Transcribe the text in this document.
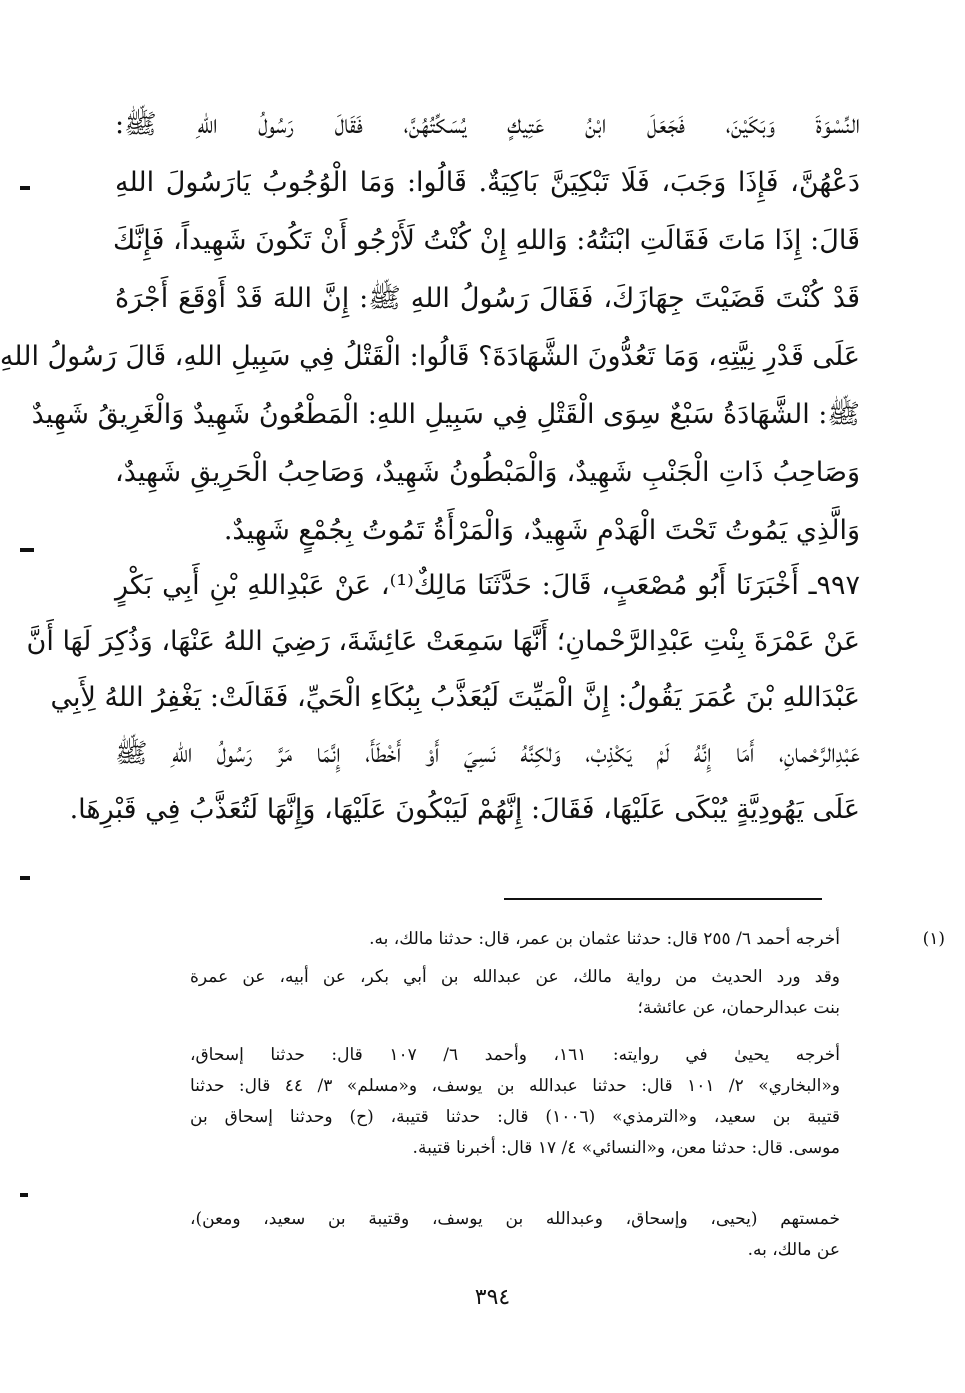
النِّسْوَةَ وَبَكَيْنَ، فَجَعَلَ ابْنُ عَتِيكٍ يُسَكِّتُهُنَّ، فَقَالَ رَسُولُ اللهِ ﷺ:
دَعْهُنَّ، فَإِذَا وَجَبَ، فَلَا تَبْكِيَنَّ بَاكِيَةٌ. قَالُوا: وَمَا الْوُجُوبُ يَارَسُولَ اللهِ
قَالَ: إِذَا مَاتَ فَقَالَتِ ابْنَتُهُ: وَاللهِ إِنْ كُنْتُ لَأَرْجُو أَنْ تَكُونَ شَهِيداً، فَإِنَّكَ
قَدْ كُنْتَ قَضَيْتَ جِهَازَكَ، فَقَالَ رَسُولُ اللهِ ﷺ: إِنَّ اللهَ قَدْ أَوْقَعَ أَجْرَهُ
عَلَى قَدْرِ نِيَّتِهِ، وَمَا تَعُدُّونَ الشَّهَادَةَ؟ قَالُوا: الْقَتْلُ فِي سَبِيلِ اللهِ، قَالَ رَسُولُ اللهِ
ﷺ: الشَّهَادَةُ سَبْعٌ سِوَى الْقَتْلِ فِي سَبِيلِ اللهِ: الْمَطْعُونُ شَهِيدٌ وَالْغَرِيقُ شَهِيدٌ
وَصَاحِبُ ذَاتِ الْجَنْبِ شَهِيدٌ، وَالْمَبْطُونُ شَهِيدٌ، وَصَاحِبُ الْحَرِيقِ شَهِيدٌ،
وَالَّذِي يَمُوتُ تَحْتَ الْهَدْمِ شَهِيدٌ، وَالْمَرْأَةُ تَمُوتُ بِجُمْعٍ شَهِيدٌ.
٩٩٧ـ أَخْبَرَنَا أَبُو مُصْعَبٍ، قَالَ: حَدَّثَنَا مَالِكٌ⁽¹⁾، عَنْ عَبْدِاللهِ بْنِ أَبِي بَكْرٍ
عَنْ عَمْرَةَ بِنْتِ عَبْدِالرَّحْمانِ؛ أَنَّهَا سَمِعَتْ عَائِشَةَ، رَضِيَ اللهُ عَنْهَا، وَذُكِرَ لَهَا أَنَّ
عَبْدَاللهِ بْنَ عُمَرَ يَقُولُ: إِنَّ الْمَيِّتَ لَيُعَذَّبُ بِبُكَاءِ الْحَيِّ، فَقَالَتْ: يَغْفِرُ اللهُ لِأَبِي
عَبْدِالرَّحْمانِ، أَمَا إِنَّهُ لَمْ يَكْذِبْ، وَلٰكِنَّهُ نَسِيَ أَوْ أَخْطَأَ، إِنَّمَا مَرَّ رَسُولُ اللهِ ﷺ
عَلَى يَهُودِيَّةٍ يُبْكَى عَلَيْهَا، فَقَالَ: إِنَّهُمْ لَيَبْكُونَ عَلَيْهَا، وَإِنَّهَا لَتُعَذَّبُ فِي قَبْرِهَا.
(١)
أخرجه أحمد ٦/ ٢٥٥ قال: حدثنا عثمان بن عمر، قال: حدثنا مالك، به.
وقد ورد الحديث من رواية مالك، عن عبدالله بن أبي بكر، عن أبيه، عن عمرة
بنت عبدالرحمان، عن عائشة؛
أخرجه يحيىٰ في روايته: ١٦١، وأحمد ٦/ ١٠٧ قال: حدثنا إسحاق،
و«البخاري» ٢/ ١٠١ قال: حدثنا عبدالله بن يوسف، و«مسلم» ٣/ ٤٤ قال: حدثنا
قتيبة بن سعيد، و«الترمذي» (١٠٠٦) قال: حدثنا قتيبة، (ح) وحدثنا إسحاق بن
موسى. قال: حدثنا معن، و«النسائي» ٤/ ١٧ قال: أخبرنا قتيبة.
خمستهم (يحيى، وإسحاق، وعبدالله بن يوسف، وقتيبة بن سعيد، ومعن)،
عن مالك، به.
٣٩٤
